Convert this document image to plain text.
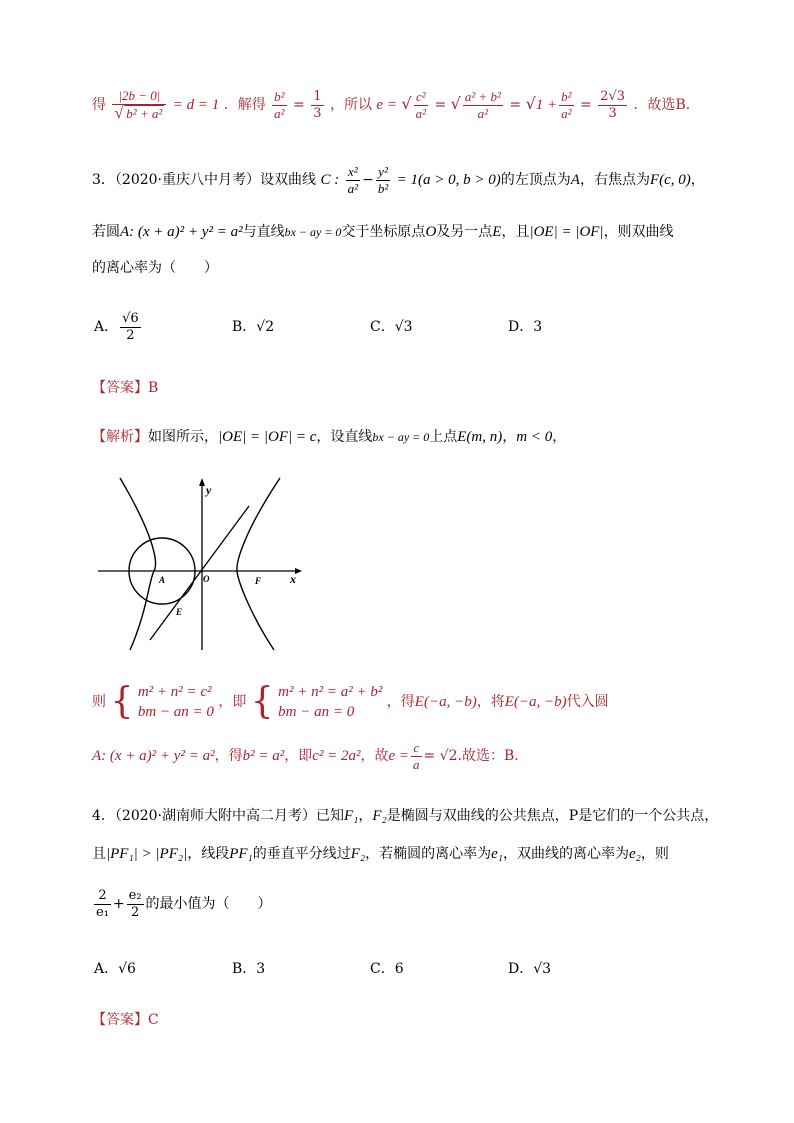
得 $\frac{|2b - 0|}{\text{√ b² + a²}} = d = 1$ ．解得 $\frac{\text{b²}}{\text{a²}} = \frac{1}{3}$ ，所以 e = √ $\frac{\text{c²}}{\text{a²}}$ = √ $\frac{\text{a² + b²}}{\text{a²}} = √1 + \frac{\text{b²}}{\text{a²}} = \frac{2√3}{3}$ ．故选B．
3．（2020·重庆八中月考）设双曲线 C : $\frac{\text{x²}}{\text{a²}} - \frac{\text{y²}}{\text{b²}} = 1(a > 0$, b > 0)的左顶点为A，右焦点为F(c, 0)，
若圆A: (x + a)² + y² = a²与直线bx − ay = 0交于坐标原点O及另一点E，且|OE| = |OF|，则双曲线
的离心率为（　　）
A． $\frac{√6}{2}$	B．√2	C．√3	D．3
【答案】B
【解析】如图所示，|OE| = |OF| = c，设直线bx − ay = 0上点E(m, n)，m < 0，
y
x
O
A	F
E
则 { m² + n² = c²
bm − an = 0
，即 { m² + n² = a² + b²
bm − an = 0
，得E(−a, −b)，将E(−a, −b)代入圆
A: (x + a)² + y² = a²，得b² = a²，即c² = 2a²，故$e = \frac{c}{a} = √2$.故选：B.
4．（2020·湖南师大附中高二月考）已知F₁，F₂是椭圆与双曲线的公共焦点，P是它们的一个公共点，
且|PF₁| > |PF₂|，线段PF₁的垂直平分线过F₂，若椭圆的离心率为e₁，双曲线的离心率为e₂，则
$\frac{2}{\text{e₁}} + \frac{\text{e₂}}{2}$ 的最小值为（　　）
A．√6	B．3	C．6	D．√3
【答案】C
